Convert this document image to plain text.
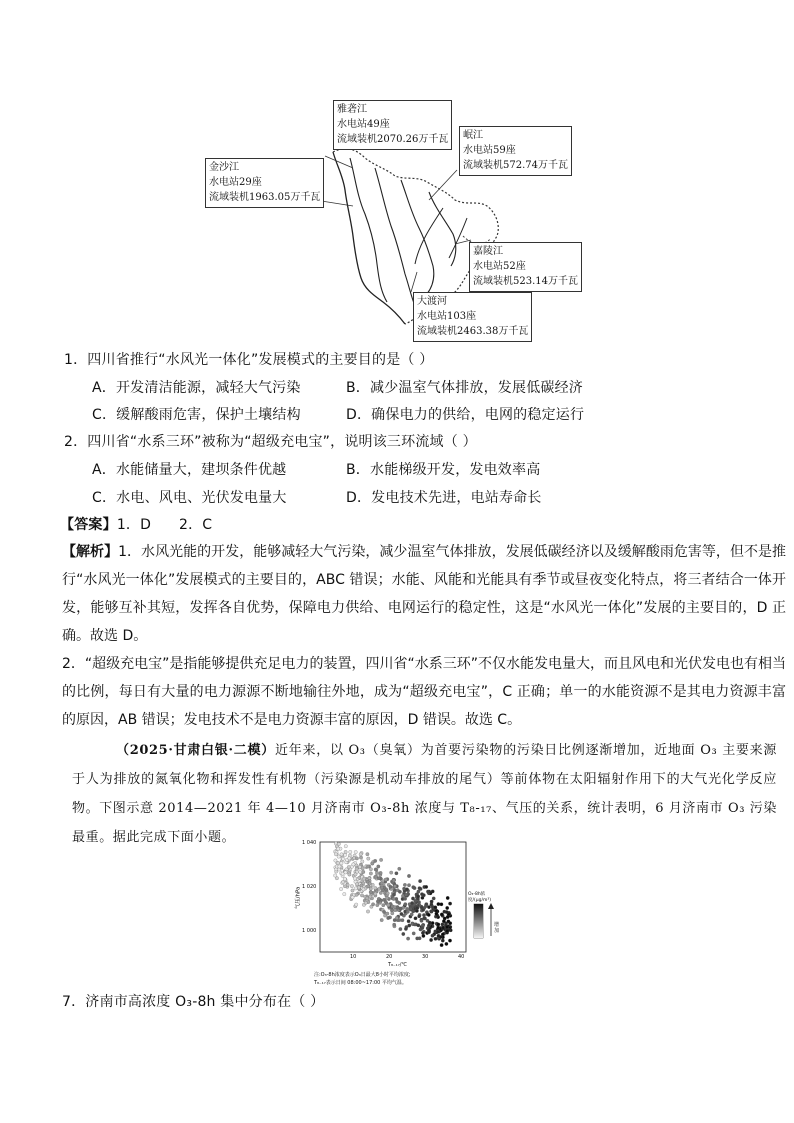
雅砻江
水电站49座
流域装机2070.26万千瓦 岷江
水电站59座
流域装机572.74万千瓦
金沙江
水电站29座
流域装机1963.05万千瓦
嘉陵江
水电站52座
流域装机523.14万千瓦
大渡河
水电站103座
流域装机2463.38万千瓦
1．四川省推行“水风光一体化”发展模式的主要目的是（ ）
A．开发清洁能源，减轻大气污染	B．减少温室气体排放，发展低碳经济
C．缓解酸雨危害，保护土壤结构	D．确保电力的供给，电网的稳定运行
2．四川省“水系三环”被称为“超级充电宝”，说明该三环流域（ ）
A．水能储量大，建坝条件优越	B．水能梯级开发，发电效率高
C．水电、风电、光伏发电量大	D．发电技术先进，电站寿命长
【答案】1．D      2．C
【解析】1．水风光能的开发，能够减轻大气污染，减少温室气体排放，发展低碳经济以及缓解酸雨危害等，但不是推行“水风光一体化”发展模式的主要目的，ABC 错误；水能、风能和光能具有季节或昼夜变化特点，将三者结合一体开发，能够互补其短，发挥各自优势，保障电力供给、电网运行的稳定性，这是“水风光一体化”发展的主要目的，D 正确。故选 D。
2．“超级充电宝”是指能够提供充足电力的装置，四川省“水系三环”不仅水能发电量大，而且风电和光伏发电也有相当的比例，每日有大量的电力源源不断地输往外地，成为“超级充电宝”，C 正确；单一的水能资源不是其电力资源丰富的原因，AB 错误；发电技术不是电力资源丰富的原因，D 错误。故选 C。
（2025·甘肃白银·二模）近年来，以 O₃（臭氧）为首要污染物的污染日比例逐渐增加，近地面 O₃ 主要来源于人为排放的氮氧化物和挥发性有机物（污染源是机动车排放的尾气）等前体物在太阳辐射作用下的大气光化学反应物。下图示意 2014—2021 年 4—10 月济南市 O₃-8h 浓度与 T₈-₁₇、气压的关系，统计表明，6 月济南市 O₃ 污染最重。据此完成下面小题。
气压/hPa
1 040
1 020
1 000
10	20	30	40
T₈₋₁₇/℃
O₃-8h浓度/(μg/m³)
增加
注:O₃-8h浓度表示O₃日最大8小时平均浓度;
T₈₋₁₇表示日间 08:00~17:00 平均气温。
7．济南市高浓度 O₃-8h 集中分布在（ ）
